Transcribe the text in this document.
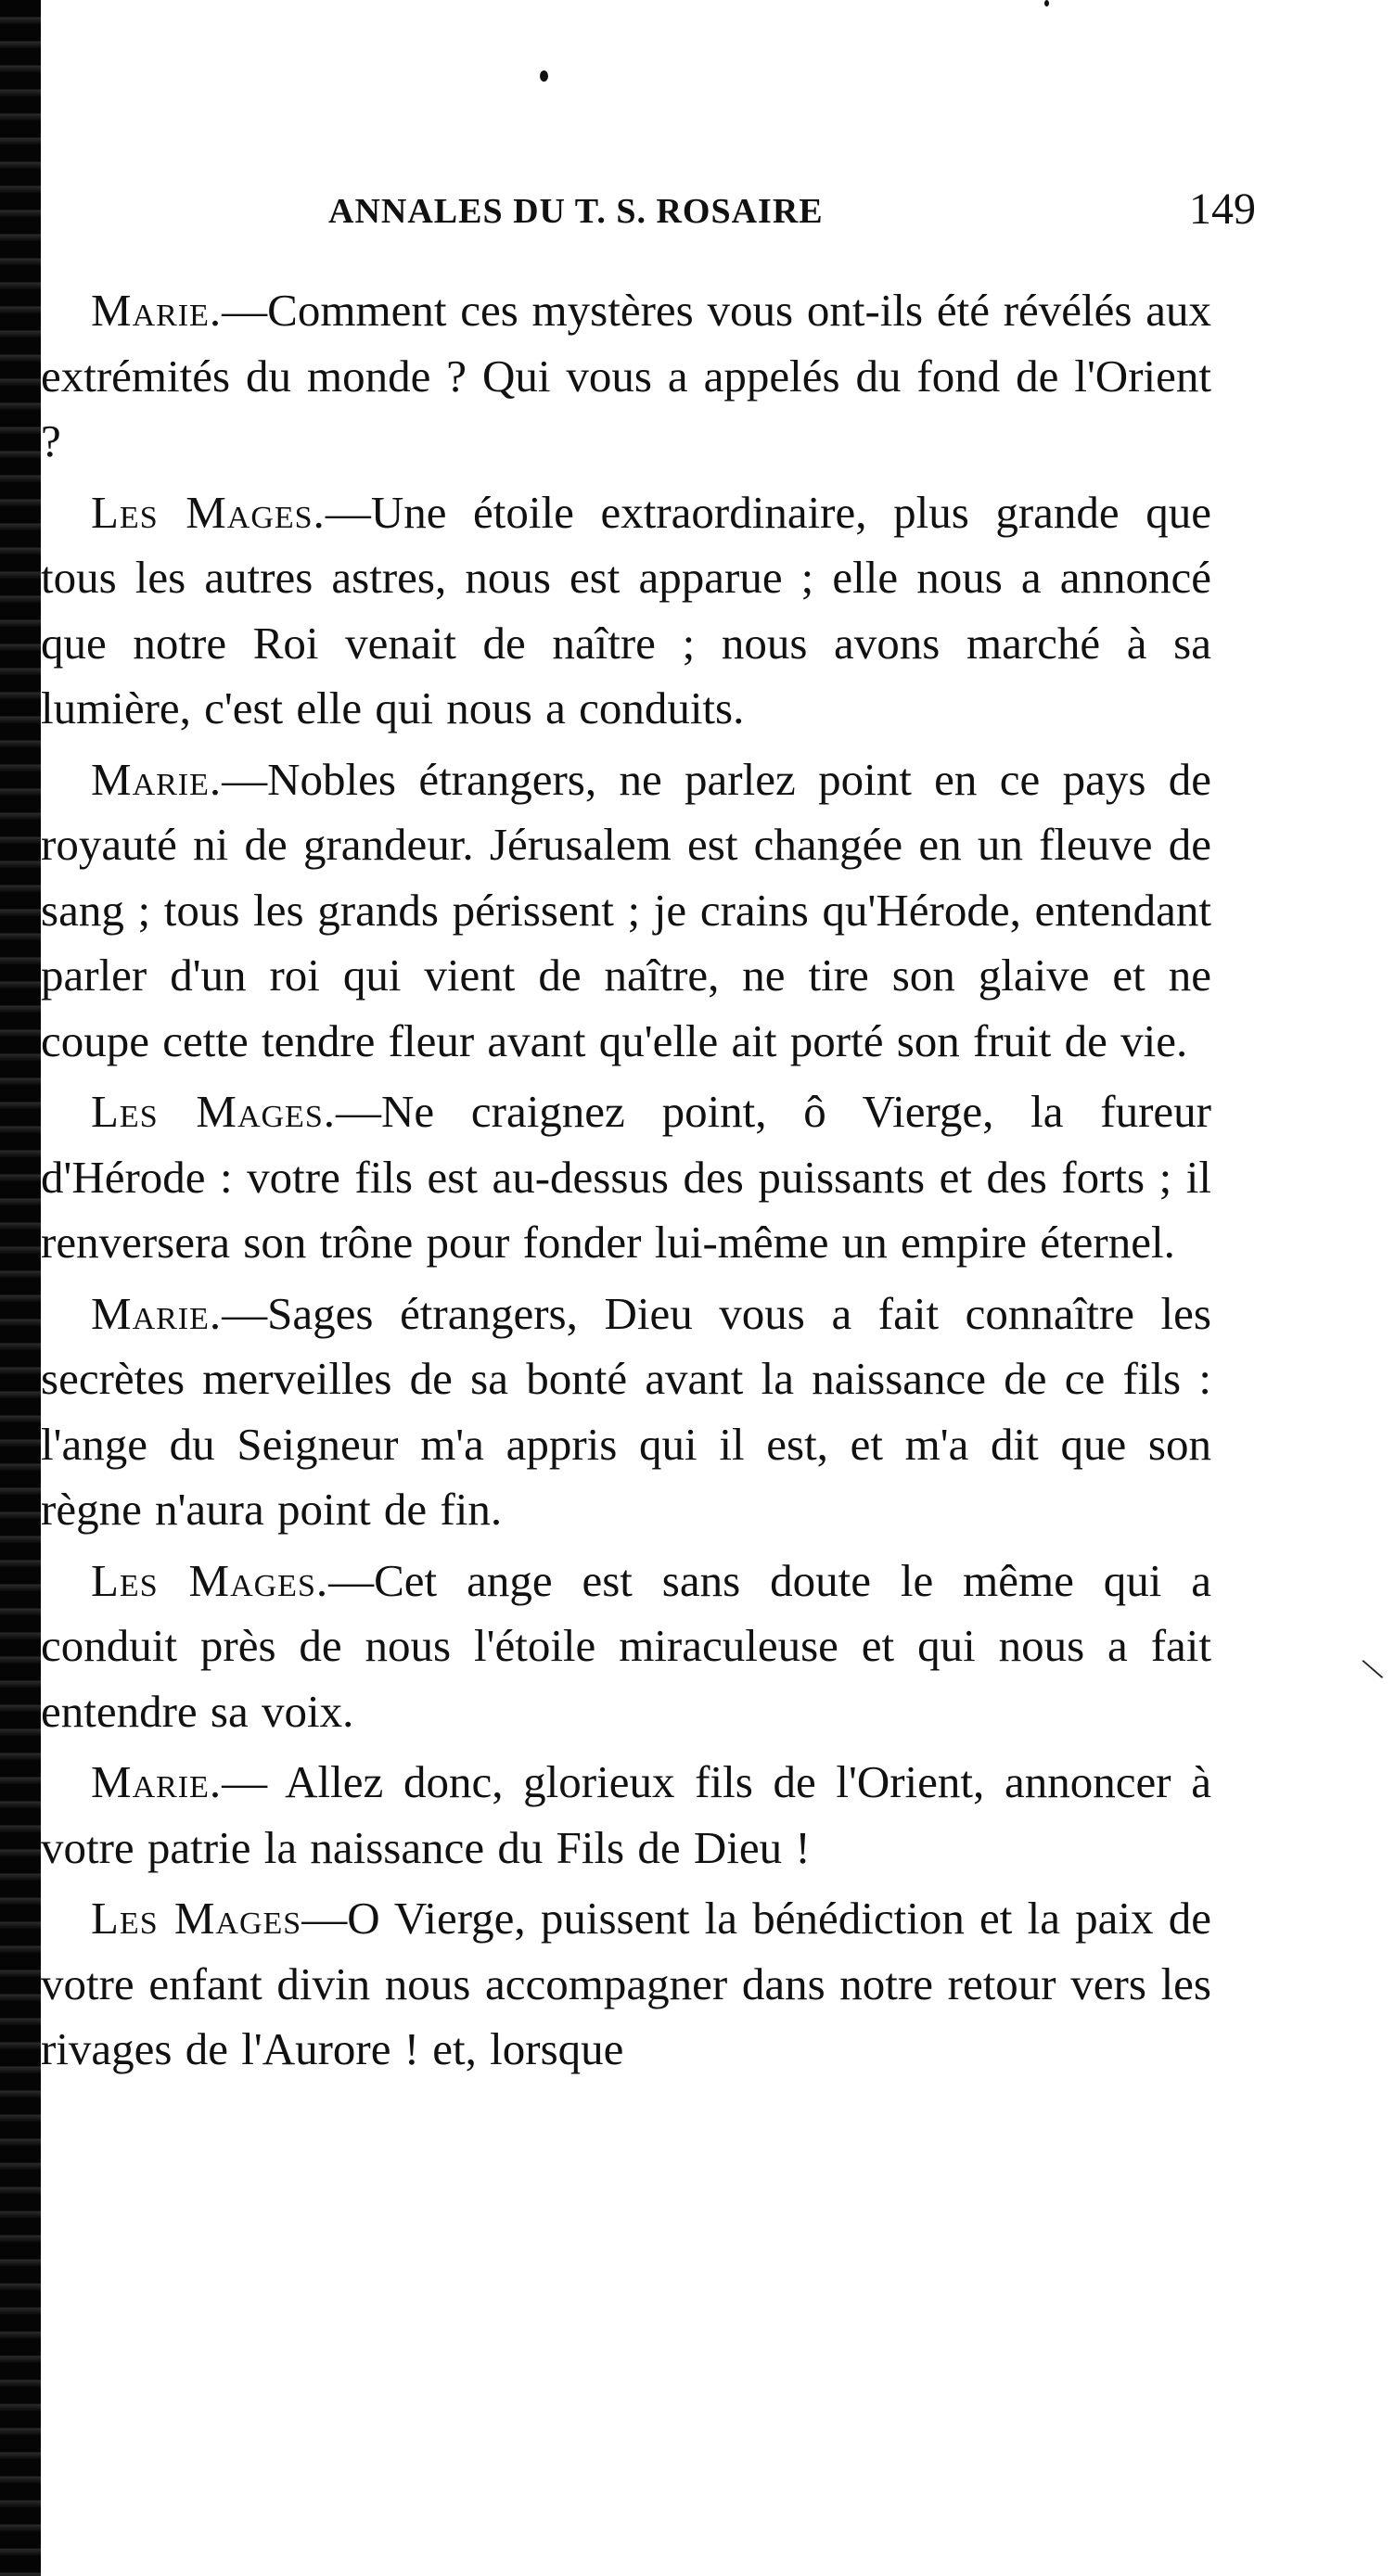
\
ANNALES DU T. S. ROSAIRE	149

Marie.—Comment ces mystères vous ont-ils été révélés aux extrémités du monde ? Qui vous a appelés du fond de l'Orient ?

Les Mages.—Une étoile extraordinaire, plus grande que tous les autres astres, nous est apparue ; elle nous a annoncé que notre Roi venait de naître ; nous avons marché à sa lumière, c'est elle qui nous a conduits.

Marie.—Nobles étrangers, ne parlez point en ce pays de royauté ni de grandeur. Jérusalem est changée en un fleuve de sang ; tous les grands périssent ; je crains qu'Hérode, entendant parler d'un roi qui vient de naître, ne tire son glaive et ne coupe cette tendre fleur avant qu'elle ait porté son fruit de vie.

Les Mages.—Ne craignez point, ô Vierge, la fureur d'Hérode : votre fils est au-dessus des puissants et des forts ; il renversera son trône pour fonder lui-même un empire éternel.

Marie.—Sages étrangers, Dieu vous a fait connaître les secrètes merveilles de sa bonté avant la naissance de ce fils : l'ange du Seigneur m'a appris qui il est, et m'a dit que son règne n'aura point de fin.

Les Mages.—Cet ange est sans doute le même qui a conduit près de nous l'étoile miraculeuse et qui nous a fait entendre sa voix.

Marie.— Allez donc, glorieux fils de l'Orient, annoncer à votre patrie la naissance du Fils de Dieu !

Les Mages—O Vierge, puissent la bénédiction et la paix de votre enfant divin nous accompagner dans notre retour vers les rivages de l'Aurore ! et, lorsque
